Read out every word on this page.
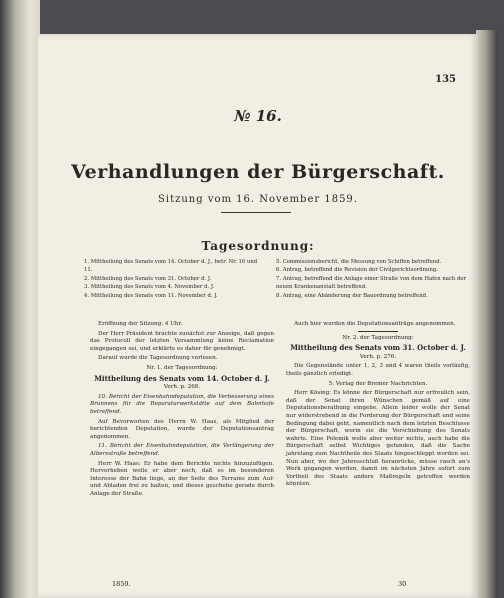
135
№ 16.
Verhandlungen der Bürgerschaft.
Sitzung vom 16. November 1859.
Tagesordnung:
1. Mittheilung des Senats vom 14. October d. J., betr. Nr. 10 und 11.
2. Mittheilung des Senats vom 31. October d. J.
3. Mittheilung des Senats vom 4. November d. J.
4. Mittheilung des Senats vom 11. November d. J.
5. Commissionsbericht, die Messung von Schiffen betreffend.
6. Antrag, betreffend die Revision der Civilgerichtsordnung.
7. Antrag, betreffend die Anlage einer Straße von dem Hafen nach der neuen Krankenanstalt betreffend.
8. Antrag, eine Abänderung der Bauordnung betreffend.

Eröffnung der Sitzung: 4 Uhr.

Der Herr Präsident brachte zunächst zur Anzeige, daß gegen das Protocoll der letzten Versammlung keine Reclamation eingegangen sei, und erklärte es daher für genehmigt.

Darauf wurde die Tagesordnung verlesen.

Nr. 1. der Tagesordnung:

Mittheilung des Senats vom 14. October d. J.

Verh. p. 268.

10. Bericht der Eisenbahndeputation, die Verbesserung eines Brunnens für die Reparaturwerkstätte auf dem Bahnhofe betreffend.

Auf Bevorworten des Herrn W. Haas, als Mitglied der berichtenden Deputation, wurde der Deputationsantrag angenommen.

11. Bericht der Eisenbahndeputation, die Verlängerung der Albersstraße betreffend.

Herr W. Haas: Er habe dem Berichte nichts hinzuzufügen. Hervorheben wolle er aber noch, daß es im besonderen Interesse der Bahn liege, an der Seite des Terrains zum Auf- und Abladen frei zu halten, und dieses geschehe gerade durch Anlage der Straße.

Auch hier wurden die Deputationsanträge angenommen.

Nr. 2. der Tagesordnung:

Mittheilung des Senats vom 31. October d. J.

Verh. p. 276.

Die Gegenstände unter 1, 2, 3 und 4 waren theils vorläufig, theils gänzlich erledigt.

5. Verlag der Bremer Nachrichten.

Herr Kösing: Es könne der Bürgerschaft nur erfreulich sein, daß der Senat ihren Wünschen gemäß auf eine Deputationsberathung eingehe. Allein leider wolle der Senat nur widerstrebend in die Forderung der Bürgerschaft und seine Bedingung dabei geht, namentlich nach dem letzten Beschlusse der Bürgerschaft, worin sie die Verschiebung des Senats wahrte. Eine Polemik wolle aber weiter nichts, auch habe die Bürgerschaft selbst Wichtiges gefunden, daß die Sache jahrelang zum Nachtheile des Staats hingeschleppt worden sei. Nun aber, wo der Jahresschluß heranrücke, müsse rasch an's Werk gegangen werden, damit im nächsten Jahre sofort zum Vortheil des Staats andere Maßregeln getroffen werden könnten.

1859.	30
